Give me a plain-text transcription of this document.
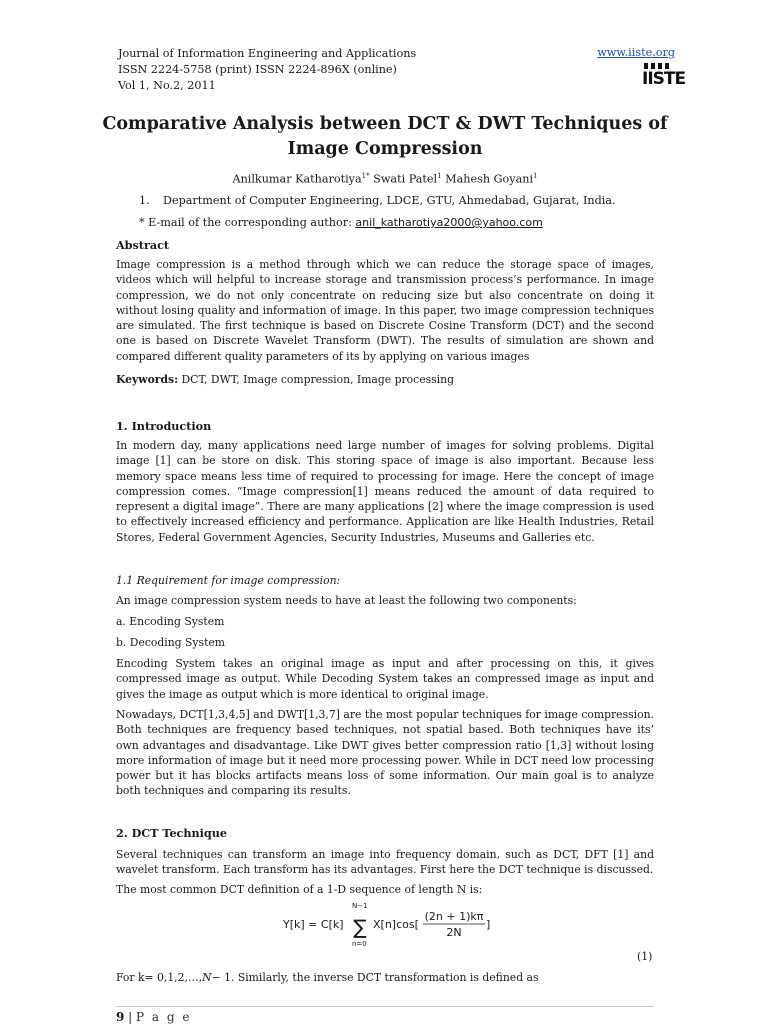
Journal of Information Engineering and Applications
ISSN 2224-5758 (print) ISSN 2224-896X (online)
Vol 1, No.2, 2011
www.iiste.org
IISTE
Comparative Analysis between DCT & DWT Techniques of
Image Compression
Anilkumar Katharotiya$^{1*}$ Swati Patel$^1$ Mahesh Goyani$^1$
1. Department of Computer Engineering, LDCE, GTU, Ahmedabad, Gujarat, India.
* E-mail of the corresponding author: anil_katharotiya2000@yahoo.com
Abstract
Image compression is a method through which we can reduce the storage space of images, videos which will helpful to increase storage and transmission process’s performance. In image compression, we do not only concentrate on reducing size but also concentrate on doing it without losing quality and information of image. In this paper, two image compression techniques are simulated. The first technique is based on Discrete Cosine Transform (DCT) and the second one is based on Discrete Wavelet Transform (DWT). The results of simulation are shown and compared different quality parameters of its by applying on various images
Keywords: DCT, DWT, Image compression, Image processing
1. Introduction
In modern day, many applications need large number of images for solving problems. Digital image [1] can be store on disk. This storing space of image is also important. Because less memory space means less time of required to processing for image. Here the concept of image compression comes. “Image compression[1] means reduced the amount of data required to represent a digital image”. There are many applications [2] where the image compression is used to effectively increased efficiency and performance. Application are like Health Industries, Retail Stores, Federal Government Agencies, Security Industries, Museums and Galleries etc.
1.1 Requirement for image compression:
An image compression system needs to have at least the following two components:
a. Encoding System
b. Decoding System
Encoding System takes an original image as input and after processing on this, it gives compressed image as output. While Decoding System takes an compressed image as input and gives the image as output which is more identical to original image.
Nowadays, DCT[1,3,4,5] and DWT[1,3,7] are the most popular techniques for image compression. Both techniques are frequency based techniques, not spatial based. Both techniques have its’ own advantages and disadvantage. Like DWT gives better compression ratio [1,3] without losing more information of image but it need more processing power. While in DCT need low processing power but it has blocks artifacts means loss of some information. Our main goal is to analyze both techniques and comparing its results.
2. DCT Technique
Several techniques can transform an image into frequency domain, such as DCT, DFT [1] and wavelet transform. Each transform has its advantages. First here the DCT technique is discussed.
The most common DCT definition of a 1-D sequence of length N is:
Y[k] = C[k]
N−1
∑
n=0
X[n]cos[
(2n + 1)kπ
2N
]
(1)
For k= 0,1,2,…,N− 1. Similarly, the inverse DCT transformation is defined as
9 | P a g e
